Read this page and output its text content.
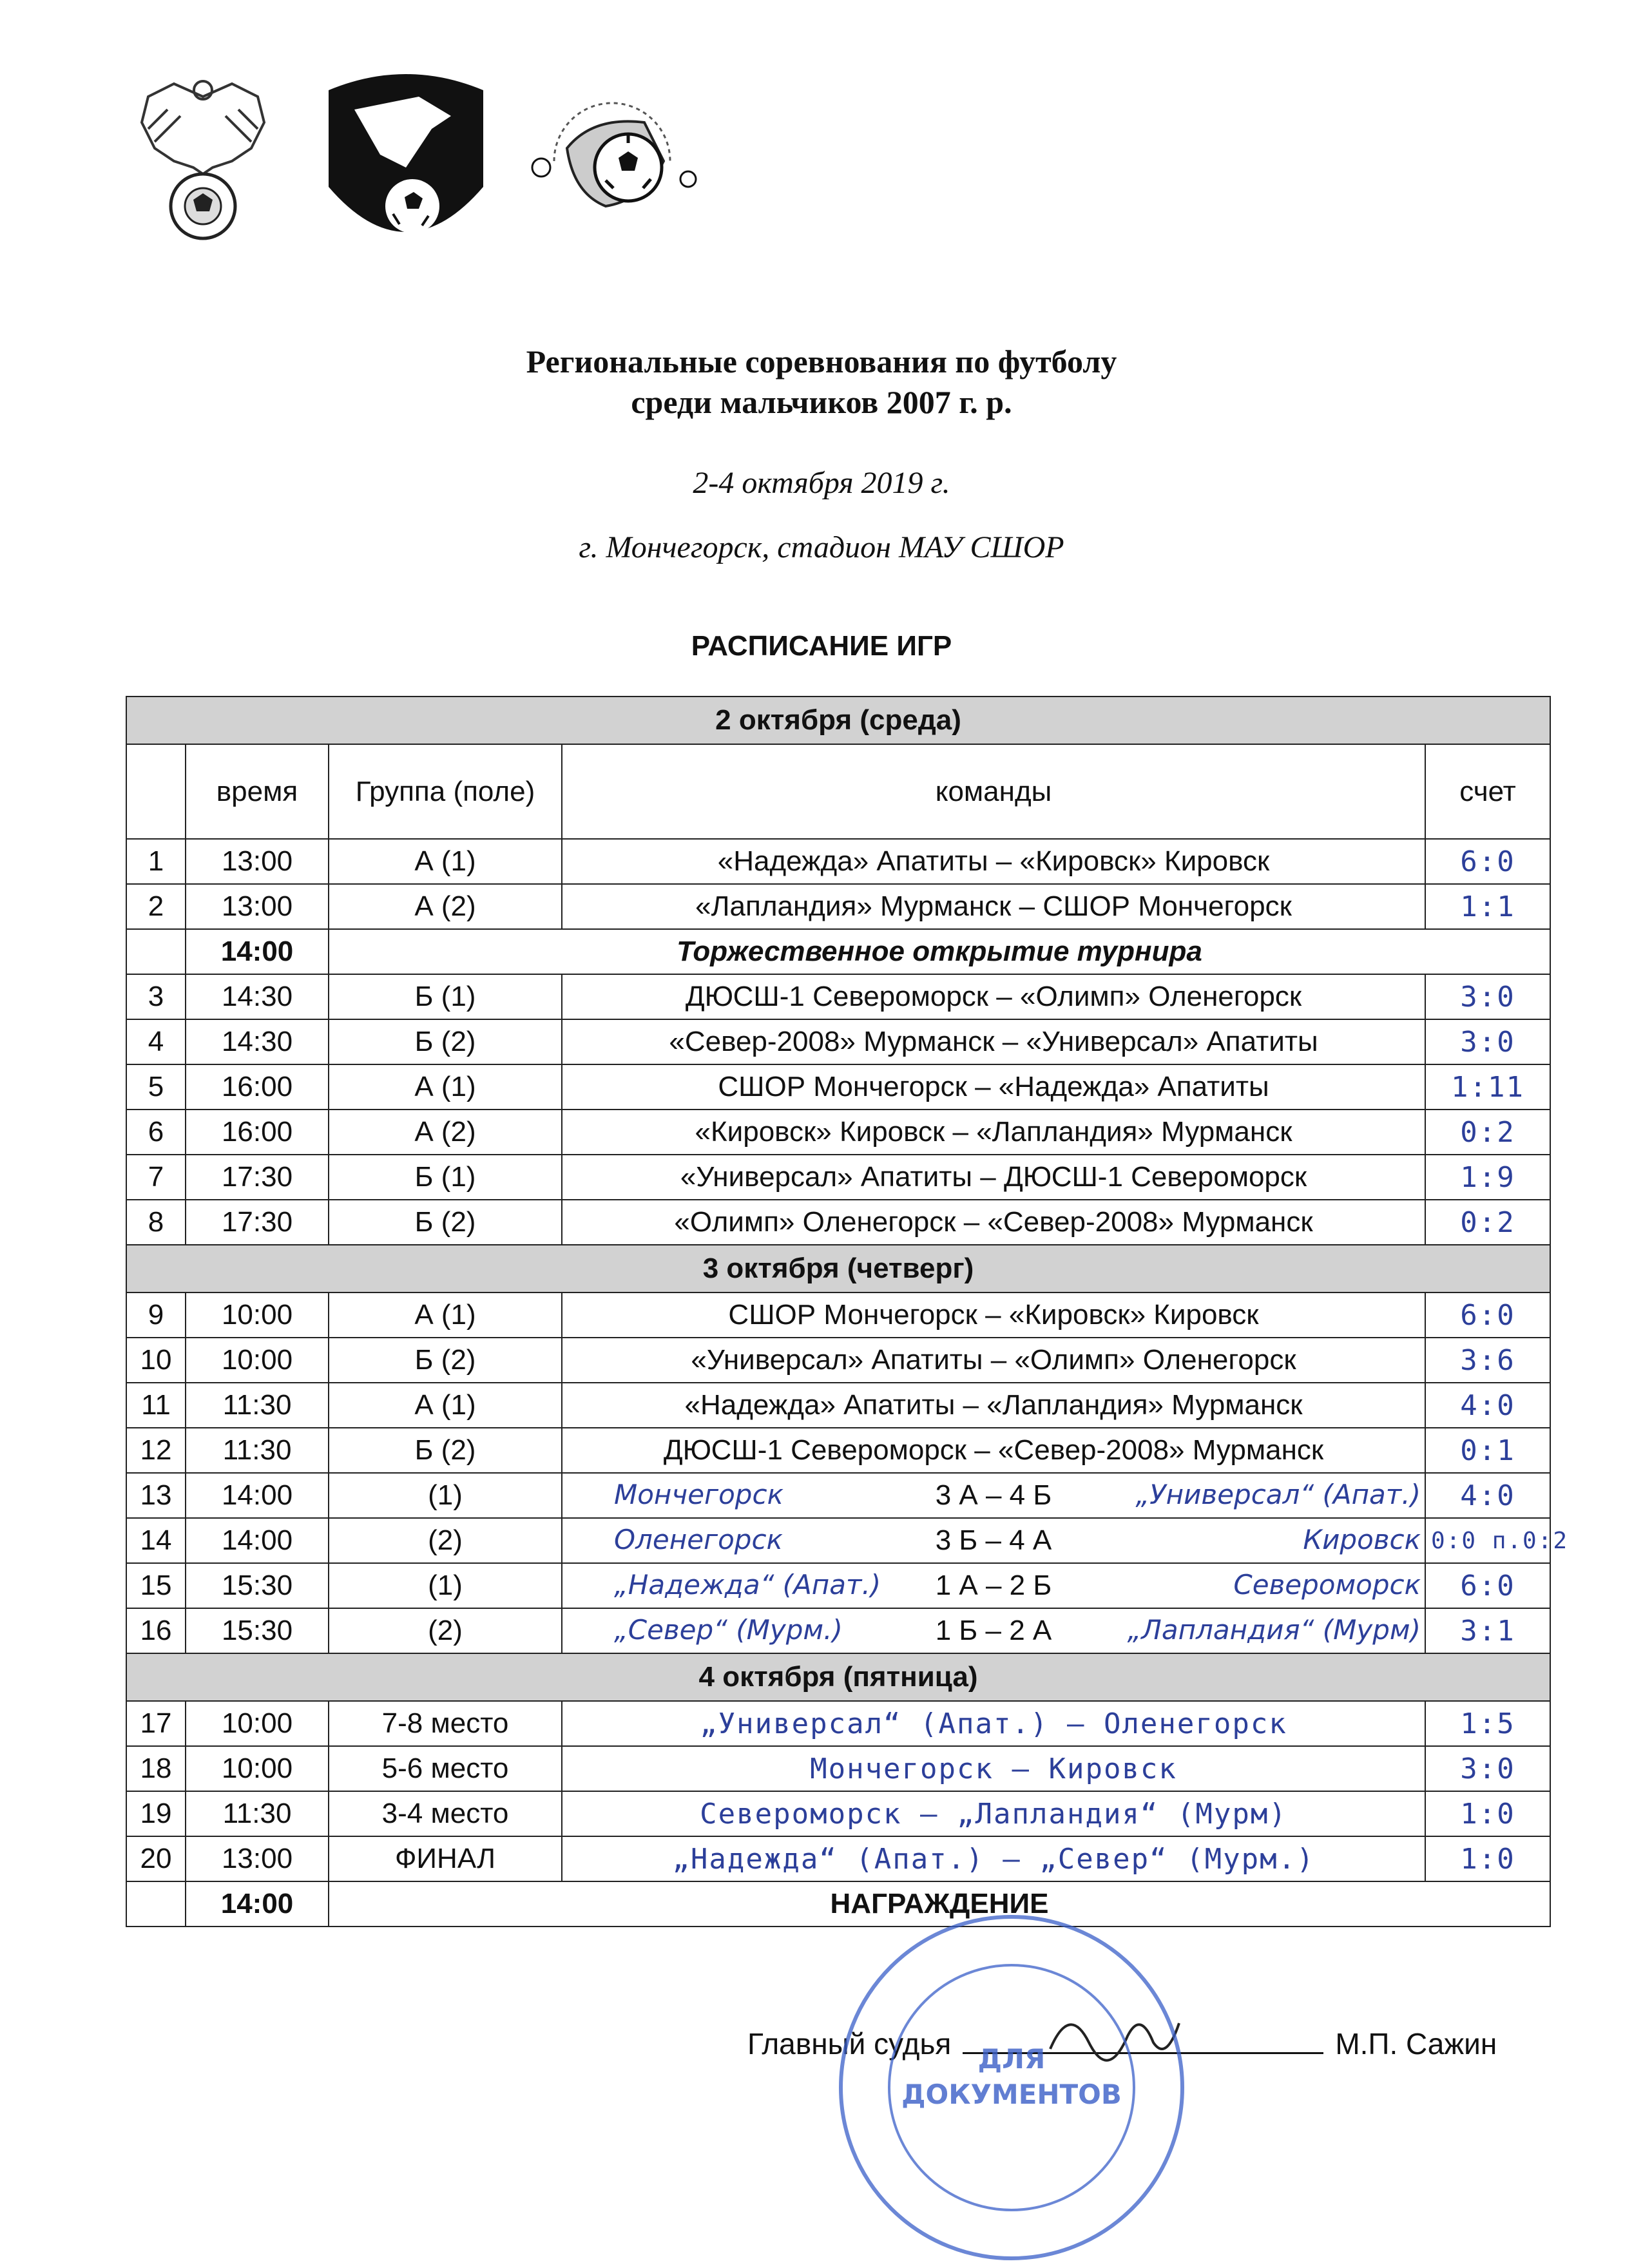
Региональные соревнования по футболу
среди мальчиков 2007 г. р.
2-4 октября 2019 г.
г. Мончегорск, стадион МАУ СШОР
РАСПИСАНИЕ ИГР
2 октября (среда)				
	время	Группа (поле)	команды	счет
1	13:00	А (1)	«Надежда» Апатиты – «Кировск» Кировск	6:0
2	13:00	А (2)	«Лапландия» Мурманск – СШОР Мончегорск	1:1
	14:00	Торжественное открытие турнира		
3	14:30	Б (1)	ДЮСШ-1 Североморск – «Олимп» Оленегорск	3:0
4	14:30	Б (2)	«Север-2008» Мурманск – «Универсал» Апатиты	3:0
5	16:00	А (1)	СШОР Мончегорск – «Надежда» Апатиты	1:11
6	16:00	А (2)	«Кировск» Кировск – «Лапландия» Мурманск	0:2
7	17:30	Б (1)	«Универсал» Апатиты – ДЮСШ-1 Североморск	1:9
8	17:30	Б (2)	«Олимп» Оленегорск – «Север-2008» Мурманск	0:2
3 октября (четверг)				
9	10:00	А (1)	СШОР Мончегорск – «Кировск» Кировск	6:0
10	10:00	Б (2)	«Универсал» Апатиты – «Олимп» Оленегорск	3:6
11	11:30	А (1)	«Надежда» Апатиты – «Лапландия» Мурманск	4:0
12	11:30	Б (2)	ДЮСШ-1 Североморск – «Север-2008» Мурманск	0:1
13	14:00	(1)	Мончегорск 3 А – 4 Б „Универсал“ (Апат.)	4:0
14	14:00	(2)	Оленегорск 3 Б – 4 А Кировск	0:0 п.0:2
15	15:30	(1)	„Надежда“ (Апат.) 1 А – 2 Б Североморск	6:0
16	15:30	(2)	„Север“ (Мурм.) 1 Б – 2 А „Лапландия“ (Мурм)	3:1
4 октября (пятница)				
17	10:00	7-8 место	„Универсал“ (Апат.) — Оленегорск	1:5
18	10:00	5-6 место	Мончегорск — Кировск	3:0
19	11:30	3-4 место	Североморск — „Лапландия“ (Мурм)	1:0
20	13:00	ФИНАЛ	„Надежда“ (Апат.) — „Север“ (Мурм.)	1:0
	14:00	НАГРАЖДЕНИЕ		
Главный судья	М.П. Сажин
ДЛЯ
ДОКУМЕНТОВ
